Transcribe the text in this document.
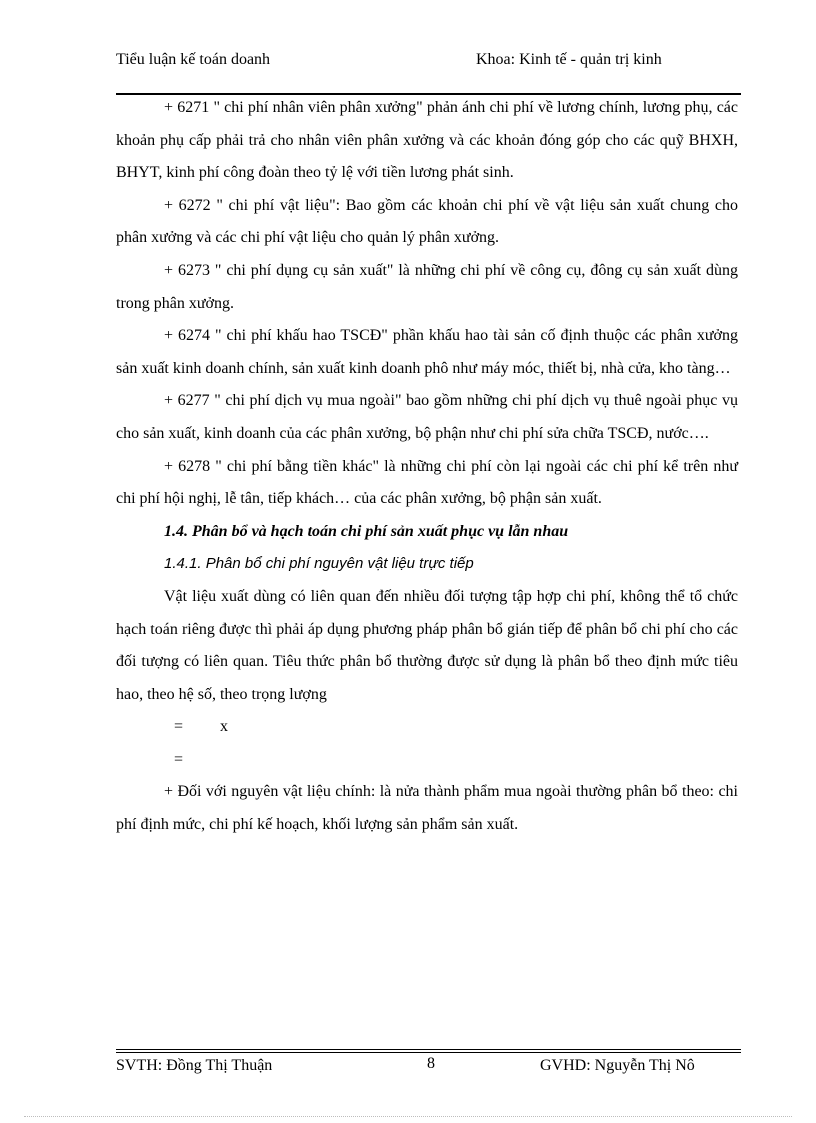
Tiểu luận kế toán doanh	Khoa: Kinh tế - quản trị kinh

+ 6271 " chi phí nhân viên phân xưởng" phản ánh chi phí về lương chính, lương phụ, các khoản phụ cấp phải trả cho nhân viên phân xưởng và các khoản đóng góp cho các quỹ BHXH, BHYT, kinh phí công đoàn theo tỷ lệ với tiền lương phát sinh.

+ 6272 " chi phí vật liệu": Bao gồm các khoản chi phí về vật liệu sản xuất chung cho phân xưởng và các chi phí vật liệu cho quản lý phân xưởng.

+ 6273 " chi phí dụng cụ sản xuất" là những chi phí về công cụ, đông cụ sản xuất dùng trong phân xưởng.

+ 6274 " chi phí khấu hao TSCĐ" phần khấu hao tài sản cố định thuộc các phân xưởng sản xuất kinh doanh chính, sản xuất kinh doanh phô như máy móc, thiết bị, nhà cửa, kho tàng…

+ 6277 " chi phí dịch vụ mua ngoài" bao gồm những chi phí dịch vụ thuê ngoài phục vụ cho sản xuất, kinh doanh của các phân xưởng, bộ phận như chi phí sửa chữa TSCĐ, nước….

+ 6278 " chi phí bằng tiền khác" là những chi phí còn lại ngoài các chi phí kể trên như chi phí hội nghị, lễ tân, tiếp khách… của các phân xưởng, bộ phận sản xuất.

1.4. Phân bổ và hạch toán chi phí sản xuất phục vụ lẫn nhau

1.4.1. Phân bổ chi phí nguyên vật liệu trực tiếp

Vật liệu xuất dùng có liên quan đến nhiều đối tượng tập hợp chi phí, không thể tổ chức hạch toán riêng được thì phải áp dụng phương pháp phân bổ gián tiếp để phân bổ chi phí cho các đối tượng có liên quan. Tiêu thức phân bổ thường được sử dụng là phân bổ theo định mức tiêu hao, theo hệ số, theo trọng lượng

= x
=

+ Đối với nguyên vật liệu chính: là nửa thành phẩm mua ngoài thường phân bổ theo: chi phí định mức, chi phí kế hoạch, khối lượng sản phẩm sản xuất.

SVTH: Đồng Thị Thuận	8	GVHD: Nguyễn Thị Nô
